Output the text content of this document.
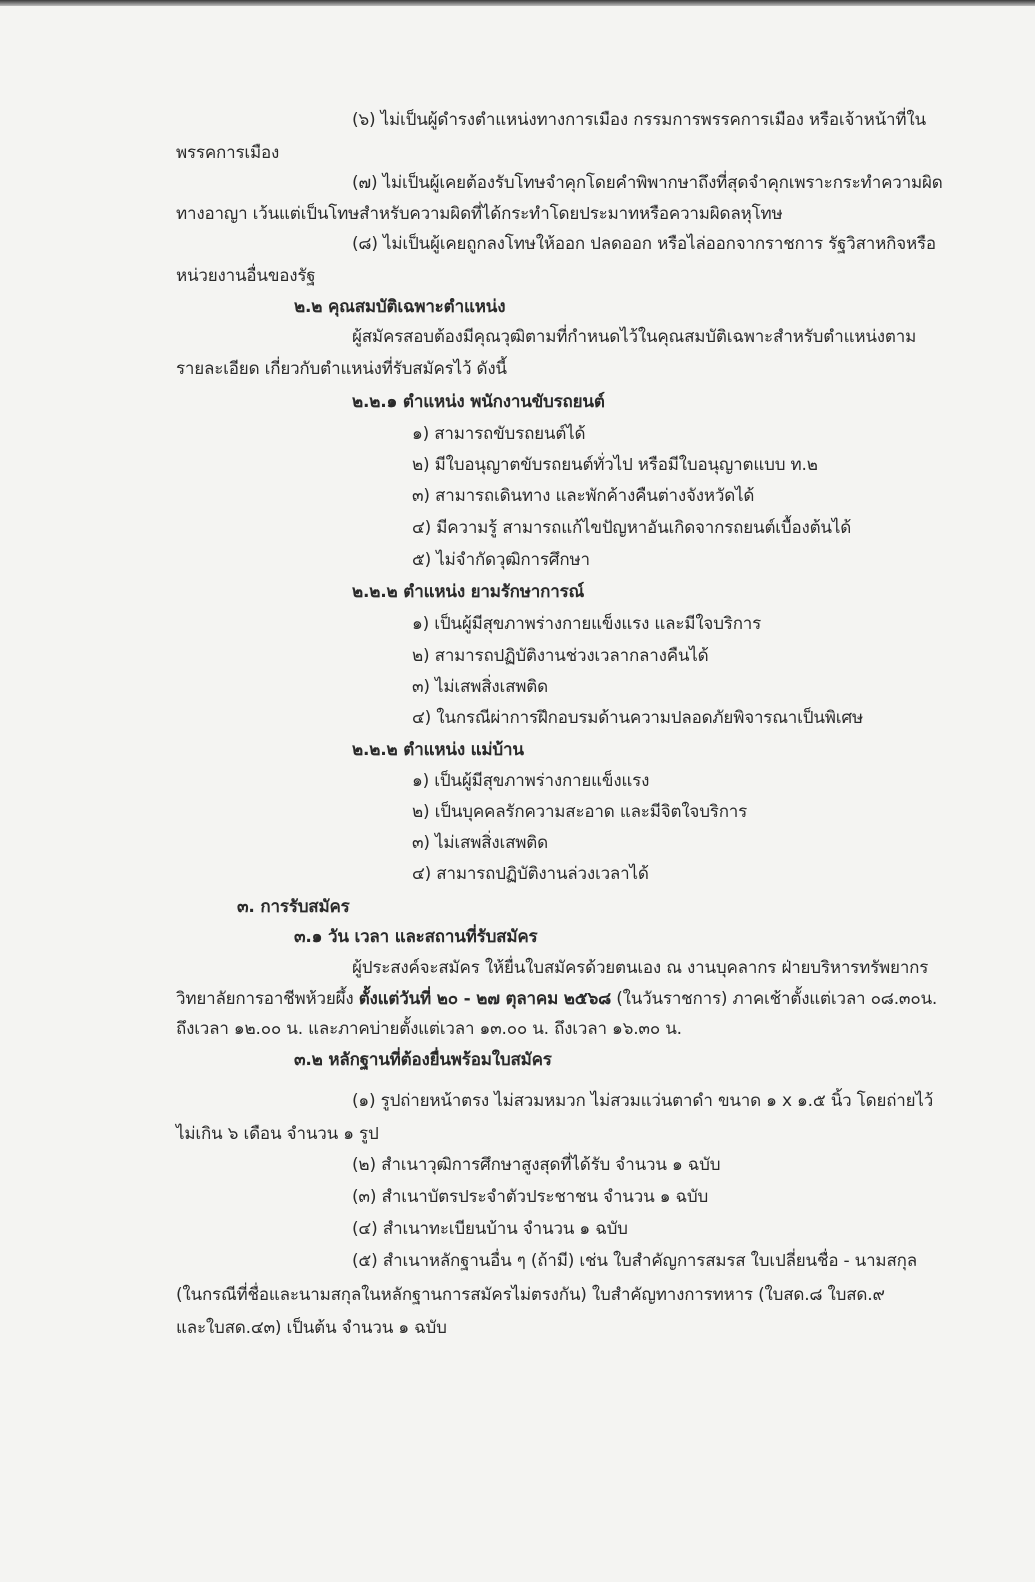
(๖) ไม่เป็นผู้ดำรงตำแหน่งทางการเมือง กรรมการพรรคการเมือง หรือเจ้าหน้าที่ใน
พรรคการเมือง
(๗) ไม่เป็นผู้เคยต้องรับโทษจำคุกโดยคำพิพากษาถึงที่สุดจำคุกเพราะกระทำความผิด
ทางอาญา เว้นแต่เป็นโทษสำหรับความผิดที่ได้กระทำโดยประมาทหรือความผิดลหุโทษ
(๘) ไม่เป็นผู้เคยถูกลงโทษให้ออก ปลดออก หรือไล่ออกจากราชการ รัฐวิสาหกิจหรือ
หน่วยงานอื่นของรัฐ
๒.๒ คุณสมบัติเฉพาะตำแหน่ง
ผู้สมัครสอบต้องมีคุณวุฒิตามที่กำหนดไว้ในคุณสมบัติเฉพาะสำหรับตำแหน่งตาม
รายละเอียด เกี่ยวกับตำแหน่งที่รับสมัครไว้ ดังนี้
๒.๒.๑ ตำแหน่ง พนักงานขับรถยนต์
๑) สามารถขับรถยนต์ได้
๒) มีใบอนุญาตขับรถยนต์ทั่วไป หรือมีใบอนุญาตแบบ ท.๒
๓) สามารถเดินทาง และพักค้างคืนต่างจังหวัดได้
๔) มีความรู้ สามารถแก้ไขปัญหาอันเกิดจากรถยนต์เบื้องต้นได้
๕) ไม่จำกัดวุฒิการศึกษา
๒.๒.๒ ตำแหน่ง ยามรักษาการณ์
๑) เป็นผู้มีสุขภาพร่างกายแข็งแรง และมีใจบริการ
๒) สามารถปฏิบัติงานช่วงเวลากลางคืนได้
๓) ไม่เสพสิ่งเสพติด
๔) ในกรณีผ่าการฝึกอบรมด้านความปลอดภัยพิจารณาเป็นพิเศษ
๒.๒.๒ ตำแหน่ง แม่บ้าน
๑) เป็นผู้มีสุขภาพร่างกายแข็งแรง
๒) เป็นบุคคลรักความสะอาด และมีจิตใจบริการ
๓) ไม่เสพสิ่งเสพติด
๔) สามารถปฏิบัติงานล่วงเวลาได้
๓. การรับสมัคร
๓.๑ วัน เวลา และสถานที่รับสมัคร
ผู้ประสงค์จะสมัคร ให้ยื่นใบสมัครด้วยตนเอง ณ งานบุคลากร ฝ่ายบริหารทรัพยากร
วิทยาลัยการอาชีพห้วยผึ้ง ตั้งแต่วันที่ ๒๐ - ๒๗ ตุลาคม ๒๕๖๘ (ในวันราชการ) ภาคเช้าตั้งแต่เวลา ๐๘.๓๐น.
ถึงเวลา ๑๒.๐๐ น. และภาคบ่ายตั้งแต่เวลา ๑๓.๐๐ น. ถึงเวลา ๑๖.๓๐ น.
๓.๒ หลักฐานที่ต้องยื่นพร้อมใบสมัคร
(๑) รูปถ่ายหน้าตรง ไม่สวมหมวก ไม่สวมแว่นตาดำ ขนาด ๑ x ๑.๕ นิ้ว โดยถ่ายไว้
ไม่เกิน ๖ เดือน จำนวน ๑ รูป
(๒) สำเนาวุฒิการศึกษาสูงสุดที่ได้รับ จำนวน ๑ ฉบับ
(๓) สำเนาบัตรประจำตัวประชาชน จำนวน ๑ ฉบับ
(๔) สำเนาทะเบียนบ้าน จำนวน ๑ ฉบับ
(๕) สำเนาหลักฐานอื่น ๆ (ถ้ามี) เช่น ใบสำคัญการสมรส ใบเปลี่ยนชื่อ - นามสกุล
(ในกรณีที่ชื่อและนามสกุลในหลักฐานการสมัครไม่ตรงกัน) ใบสำคัญทางการทหาร (ใบสด.๘ ใบสด.๙
และใบสด.๔๓) เป็นต้น จำนวน ๑ ฉบับ
